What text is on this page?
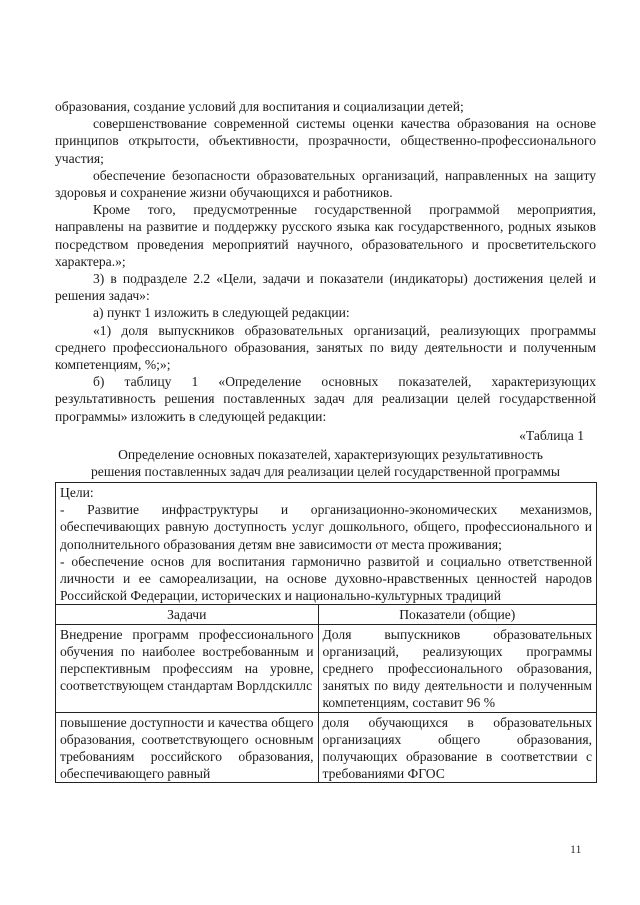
образования, создание условий для воспитания и социализации детей;

совершенствование современной системы оценки качества образования на основе принципов открытости, объективности, прозрачности, общественно-профессионального участия;

обеспечение безопасности образовательных организаций, направленных на защиту здоровья и сохранение жизни обучающихся и работников.

Кроме того, предусмотренные государственной программой мероприятия, направлены на развитие и поддержку русского языка как государственного, родных языков посредством проведения мероприятий научного, образовательного и просветительского характера.»;

3) в подразделе 2.2 «Цели, задачи и показатели (индикаторы) достижения целей и решения задач»:

а) пункт 1 изложить в следующей редакции:

«1) доля выпускников образовательных организаций, реализующих программы среднего профессионального образования, занятых по виду деятельности и полученным компетенциям, %;»;

б) таблицу 1 «Определение основных показателей, характеризующих результативность решения поставленных задач для реализации целей государственной программы» изложить в следующей редакции:

«Таблица 1

Определение основных показателей, характеризующих результативность

решения поставленных задач для реализации целей государственной программы

Цели:

- Развитие инфраструктуры и организационно-экономических механизмов, обеспечивающих равную доступность услуг дошкольного, общего, профессионального и дополнительного образования детям вне зависимости от места проживания;

- обеспечение основ для воспитания гармонично развитой и социально ответственной личности и ее самореализации, на основе духовно-нравственных ценностей народов Российской Федерации, исторических и национально-культурных традиций	

Задачи	Показатели (общие)
Внедрение программ профессионального обучения по наиболее востребованным и перспективным профессиям на уровне, соответствующем стандартам Ворлдскиллс	Доля выпускников образовательных организаций, реализующих программы среднего профессионального образования, занятых по виду деятельности и полученным компетенциям, составит 96 %
повышение доступности и качества общего образования, соответствующего основным требованиям российского образования, обеспечивающего равный	доля обучающихся в образовательных организациях общего образования, получающих образование в соответствии с требованиями ФГОС
11
